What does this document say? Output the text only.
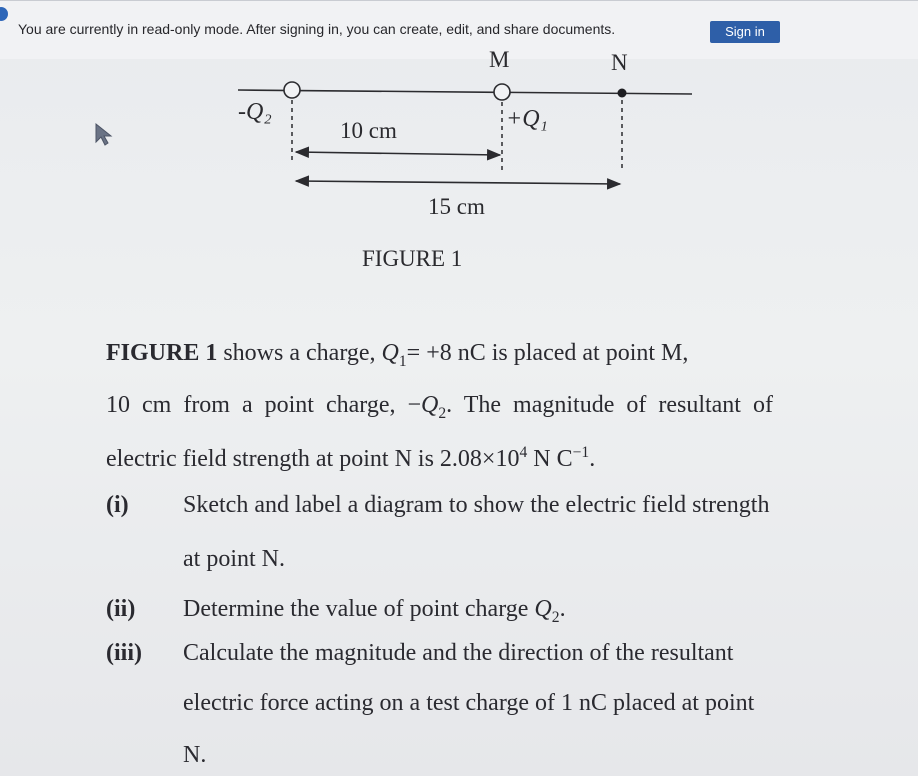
You are currently in read-only mode. After signing in, you can create, edit, and share documents.	Sign in
M	N
-Q₂	+Q₁
10 cm
15 cm
FIGURE 1
FIGURE 1 shows a charge, $Q_1= +8$ nC is placed at point M,
10 cm from a point charge, $-Q_2$. The magnitude of resultant of
electric field strength at point N is $2.08\times 10^4$ N $C^{-1}$.
(i) Sketch and label a diagram to show the electric field strength
at point N.
(ii) Determine the value of point charge $Q_2$.
(iii) Calculate the magnitude and the direction of the resultant
electric force acting on a test charge of 1 nC placed at point
N.
